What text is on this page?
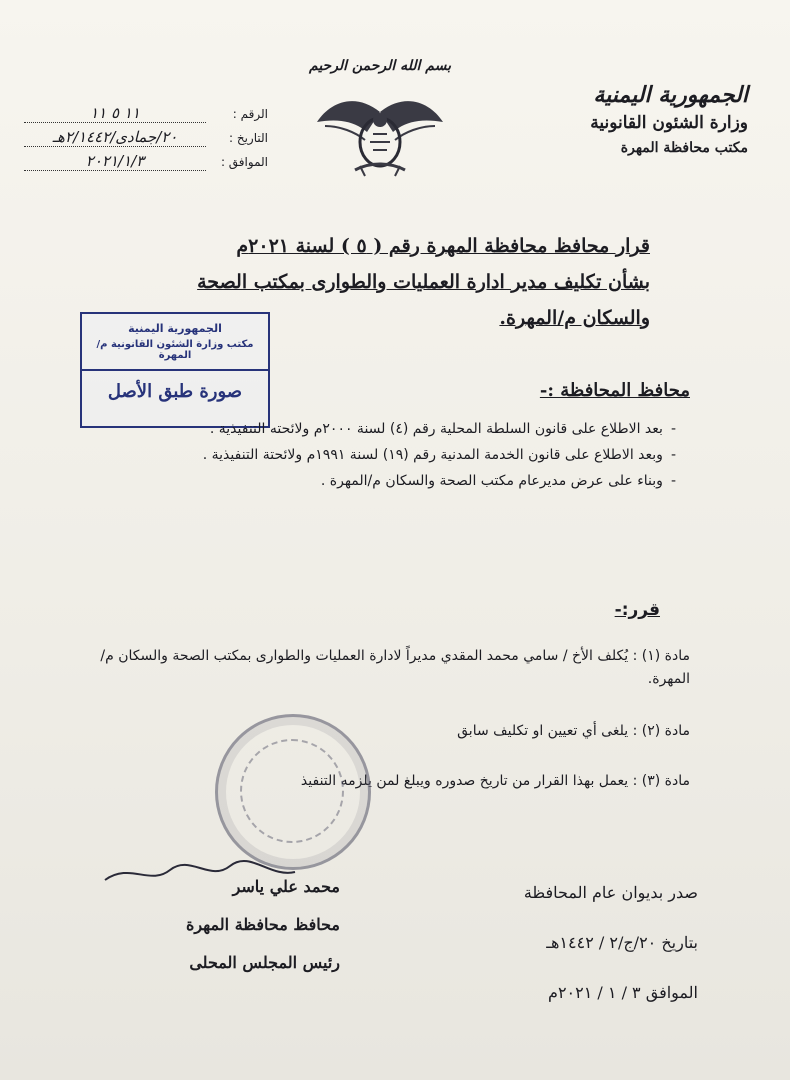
الجمهورية اليمنية
وزارة الشئون القانونية
مكتب محافظة المهرة
بسم الله الرحمن الرحيم
الرقم :
١١ ٥ ١١
التاريخ :
٢٠/جمادى/٢/١٤٤٢هـ
الموافق :
٢٠٢١/١/٣
قرار محافظ محافظة المهرة رقم ( ٥ ) لسنة ٢٠٢١م
بشأن تكليف مدير ادارة العمليات والطوارى بمكتب الصحة
والسكان م/المهرة.
الجمهورية اليمنية
مكتب وزارة الشئون القانونية م/المهرة
صورة طبق الأصل	محافظ المحافظة :-
- بعد الاطلاع على قانون السلطة المحلية رقم (٤) لسنة ٢٠٠٠م ولائحته التنفيذية .
- وبعد الاطلاع على قانون الخدمة المدنية رقم (١٩) لسنة ١٩٩١م ولائحتة التنفيذية .
- وبناء على عرض مديرعام مكتب الصحة والسكان م/المهرة .
قرر:-
مادة (١) : يُكلف الأخ / سامي محمد المقدي مديراً لادارة العمليات والطوارى بمكتب الصحة والسكان م/ المهرة.
مادة (٢) : يلغى أي تعيين او تكليف سابق
مادة (٣) : يعمل بهذا القرار من تاريخ صدوره ويبلغ لمن يلزمه التنفيذ
صدر بديوان عام المحافظة
بتاريخ ٢٠/ج/٢ / ١٤٤٢هـ
الموافق ٣ / ١ / ٢٠٢١م
محمد علي ياسر
محافظ محافظة المهرة
رئيس المجلس المحلى
